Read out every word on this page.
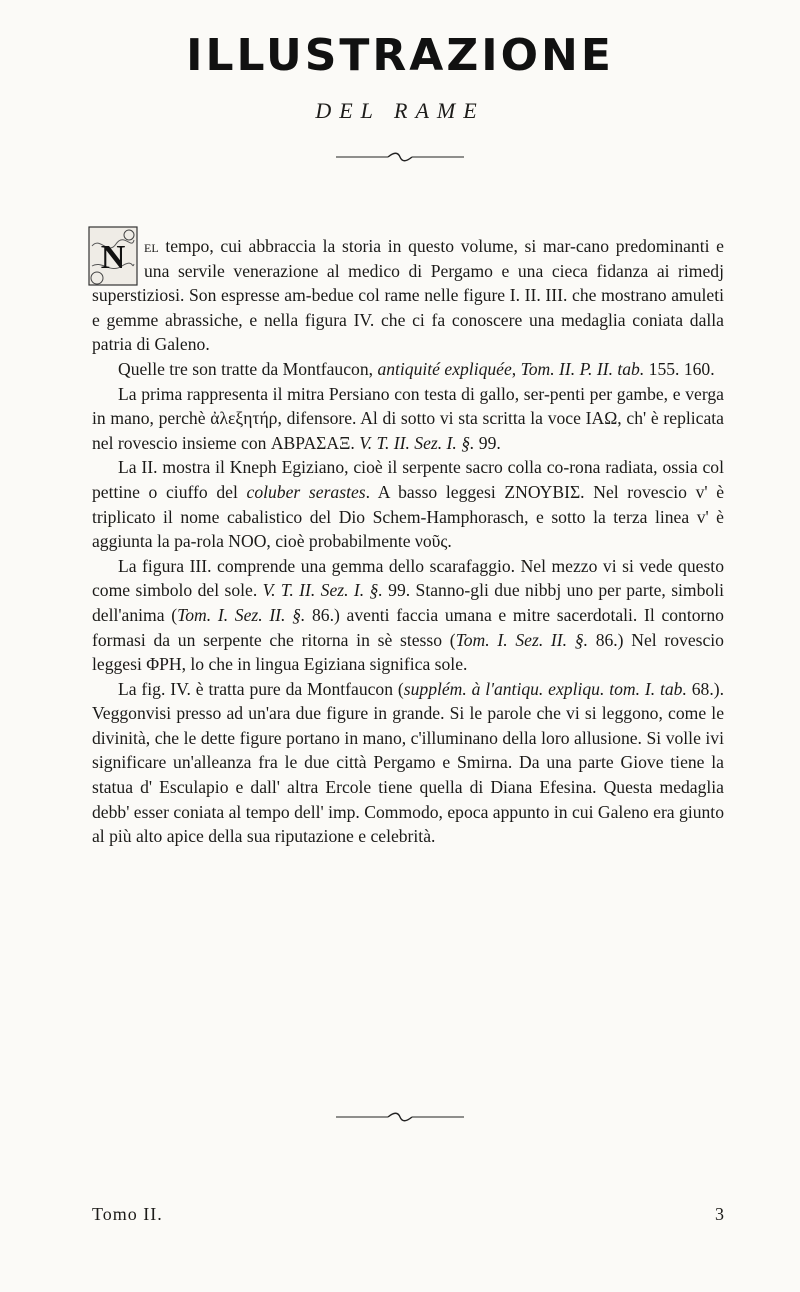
ILLUSTRAZIONE
DEL RAME
N	el tempo, cui abbraccia la storia in questo volume, si mar-cano predominanti e una servile venerazione al medico di Pergamo e una cieca fidanza ai rimedj superstiziosi. Son espresse am-bedue col rame nelle figure I. II. III. che mostrano amuleti e gemme abrassiche, e nella figura IV. che ci fa conoscere una medaglia coniata dalla patria di Galeno.

Quelle tre son tratte da Montfaucon, antiquité expliquée, Tom. II. P. II. tab. 155. 160.

La prima rappresenta il mitra Persiano con testa di gallo, ser-penti per gambe, e verga in mano, perchè ἀλεξητήρ, difensore. Al di sotto vi sta scritta la voce ΙΑΩ, ch' è replicata nel rovescio insieme con ΑΒΡΑΣΑΞ. V. T. II. Sez. I. §. 99.

La II. mostra il Kneph Egiziano, cioè il serpente sacro colla co-rona radiata, ossia col pettine o ciuffo del coluber serastes. A basso leggesi ΖΝΟΥΒΙΣ. Nel rovescio v' è triplicato il nome cabalistico del Dio Schem-Hamphorasch, e sotto la terza linea v' è aggiunta la pa-rola ΝΟΟ, cioè probabilmente νοῦς.

La figura III. comprende una gemma dello scarafaggio. Nel mezzo vi si vede questo come simbolo del sole. V. T. II. Sez. I. §. 99. Stanno-gli due nibbj uno per parte, simboli dell'anima (Tom. I. Sez. II. §. 86.) aventi faccia umana e mitre sacerdotali. Il contorno formasi da un serpente che ritorna in sè stesso (Tom. I. Sez. II. §. 86.) Nel rovescio leggesi ΦΡΗ, lo che in lingua Egiziana significa sole.

La fig. IV. è tratta pure da Montfaucon (supplém. à l'antiqu. expliqu. tom. I. tab. 68.). Veggonvisi presso ad un'ara due figure in grande. Si le parole che vi si leggono, come le divinità, che le dette figure portano in mano, c'illuminano della loro allusione. Si volle ivi significare un'alleanza fra le due città Pergamo e Smirna. Da una parte Giove tiene la statua d' Esculapio e dall' altra Ercole tiene quella di Diana Efesina. Questa medaglia debb' esser coniata al tempo dell' imp. Commodo, epoca appunto in cui Galeno era giunto al più alto apice della sua riputazione e celebrità.

Tomo II.	3
